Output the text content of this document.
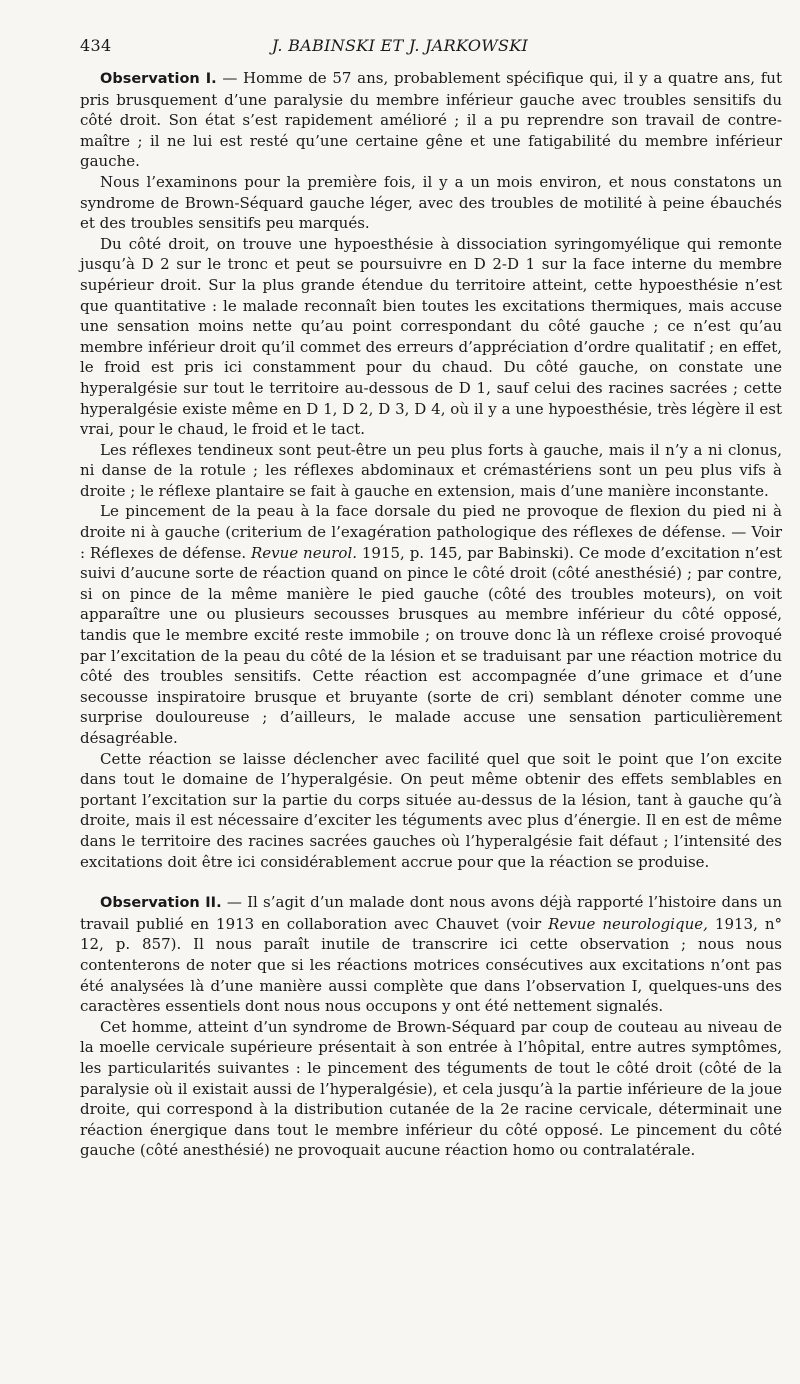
434	J. BABINSKI ET J. JARKOWSKI

Observation I. — Homme de 57 ans, probablement spécifique qui, il y a quatre ans, fut pris brusquement d’une paralysie du membre inférieur gauche avec troubles sensitifs du côté droit. Son état s’est rapidement amélioré ; il a pu reprendre son travail de contre-maître ; il ne lui est resté qu’une certaine gêne et une fatigabilité du membre inférieur gauche.

Nous l’examinons pour la première fois, il y a un mois environ, et nous constatons un syndrome de Brown-Séquard gauche léger, avec des troubles de motilité à peine ébauchés et des troubles sensitifs peu marqués.

Du côté droit, on trouve une hypoesthésie à dissociation syringomyélique qui remonte jusqu’à D 2 sur le tronc et peut se poursuivre en D 2-D 1 sur la face interne du membre supérieur droit. Sur la plus grande étendue du territoire atteint, cette hypoesthésie n’est que quantitative : le malade reconnaît bien toutes les excitations thermiques, mais accuse une sensation moins nette qu’au point correspondant du côté gauche ; ce n’est qu’au membre inférieur droit qu’il commet des erreurs d’appréciation d’ordre qualitatif ; en effet, le froid est pris ici constamment pour du chaud. Du côté gauche, on constate une hyperalgésie sur tout le territoire au-dessous de D 1, sauf celui des racines sacrées ; cette hyperalgésie existe même en D 1, D 2, D 3, D 4, où il y a une hypoesthésie, très légère il est vrai, pour le chaud, le froid et le tact.

Les réflexes tendineux sont peut-être un peu plus forts à gauche, mais il n’y a ni clonus, ni danse de la rotule ; les réflexes abdominaux et crémastériens sont un peu plus vifs à droite ; le réflexe plantaire se fait à gauche en extension, mais d’une manière inconstante.

Le pincement de la peau à la face dorsale du pied ne provoque de flexion du pied ni à droite ni à gauche (criterium de l’exagération pathologique des réflexes de défense. — Voir : Réflexes de défense. Revue neurol. 1915, p. 145, par Babinski). Ce mode d’excitation n’est suivi d’aucune sorte de réaction quand on pince le côté droit (côté anesthésié) ; par contre, si on pince de la même manière le pied gauche (côté des troubles moteurs), on voit apparaître une ou plusieurs secousses brusques au membre inférieur du côté opposé, tandis que le membre excité reste immobile ; on trouve donc là un réflexe croisé provoqué par l’excitation de la peau du côté de la lésion et se traduisant par une réaction motrice du côté des troubles sensitifs. Cette réaction est accompagnée d’une grimace et d’une secousse inspiratoire brusque et bruyante (sorte de cri) semblant dénoter comme une surprise douloureuse ; d’ailleurs, le malade accuse une sensation particulièrement désagréable.

Cette réaction se laisse déclencher avec facilité quel que soit le point que l’on excite dans tout le domaine de l’hyperalgésie. On peut même obtenir des effets semblables en portant l’excitation sur la partie du corps située au-dessus de la lésion, tant à gauche qu’à droite, mais il est nécessaire d’exciter les téguments avec plus d’énergie. Il en est de même dans le territoire des racines sacrées gauches où l’hyperalgésie fait défaut ; l’intensité des excitations doit être ici considérablement accrue pour que la réaction se produise.

Observation II. — Il s’agit d’un malade dont nous avons déjà rapporté l’histoire dans un travail publié en 1913 en collaboration avec Chauvet (voir Revue neurologique, 1913, n° 12, p. 857). Il nous paraît inutile de transcrire ici cette observation ; nous nous contenterons de noter que si les réactions motrices consécutives aux excitations n’ont pas été analysées là d’une manière aussi complète que dans l’observation I, quelques-uns des caractères essentiels dont nous nous occupons y ont été nettement signalés.

Cet homme, atteint d’un syndrome de Brown-Séquard par coup de couteau au niveau de la moelle cervicale supérieure présentait à son entrée à l’hôpital, entre autres symptômes, les particularités suivantes : le pincement des téguments de tout le côté droit (côté de la paralysie où il existait aussi de l’hyperalgésie), et cela jusqu’à la partie inférieure de la joue droite, qui correspond à la distribution cutanée de la 2e racine cervicale, déterminait une réaction énergique dans tout le membre inférieur du côté opposé. Le pincement du côté gauche (côté anesthésié) ne provoquait aucune réaction homo ou contralatérale.
